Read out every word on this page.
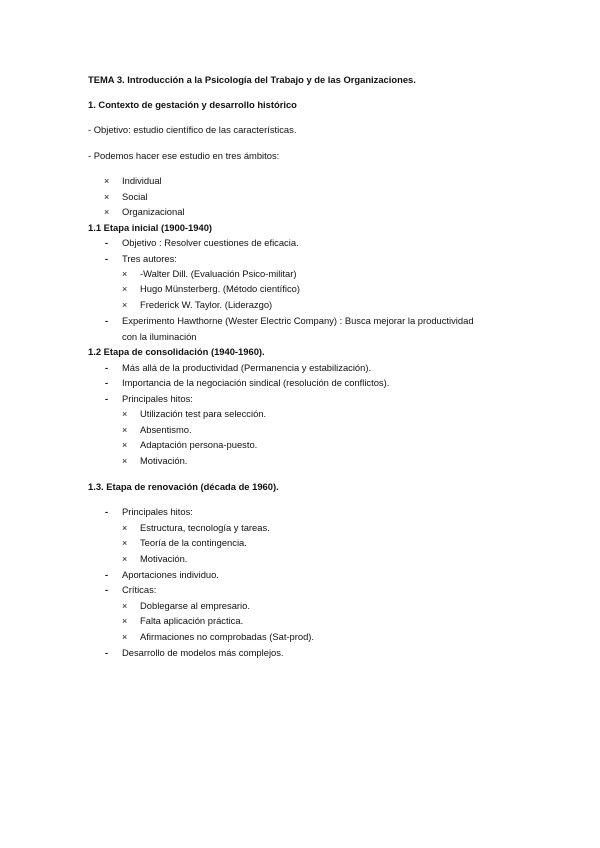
TEMA 3. Introducción a la Psicología del Trabajo y de las Organizaciones.
1. Contexto de gestación y desarrollo histórico
- Objetivo: estudio científico de las características.
- Podemos hacer ese estudio en tres ámbitos:
× Individual
× Social
× Organizacional
1.1 Etapa inicial (1900-1940)
- Objetivo : Resolver cuestiones de eficacia.
- Tres autores:
× -Walter Dill. (Evaluación Psico-militar)
× Hugo Münsterberg. (Método científico)
× Frederick W. Taylor. (Liderazgo)
- Experimento Hawthorne (Wester Electric Company) : Busca mejorar la productividad
con la iluminación
1.2 Etapa de consolidación (1940-1960).
- Más allá de la productividad (Permanencia y estabilización).
- Importancia de la negociación sindical (resolución de conflictos).
- Principales hitos:
× Utilización test para selección.
× Absentismo.
× Adaptación persona-puesto.
× Motivación.
1.3. Etapa de renovación (década de 1960).
- Principales hitos:
× Estructura, tecnología y tareas.
× Teoría de la contingencia.
× Motivación.
- Aportaciones individuo.
- Críticas:
× Doblegarse al empresario.
× Falta aplicación práctica.
× Afirmaciones no comprobadas (Sat-prod).
- Desarrollo de modelos más complejos.
